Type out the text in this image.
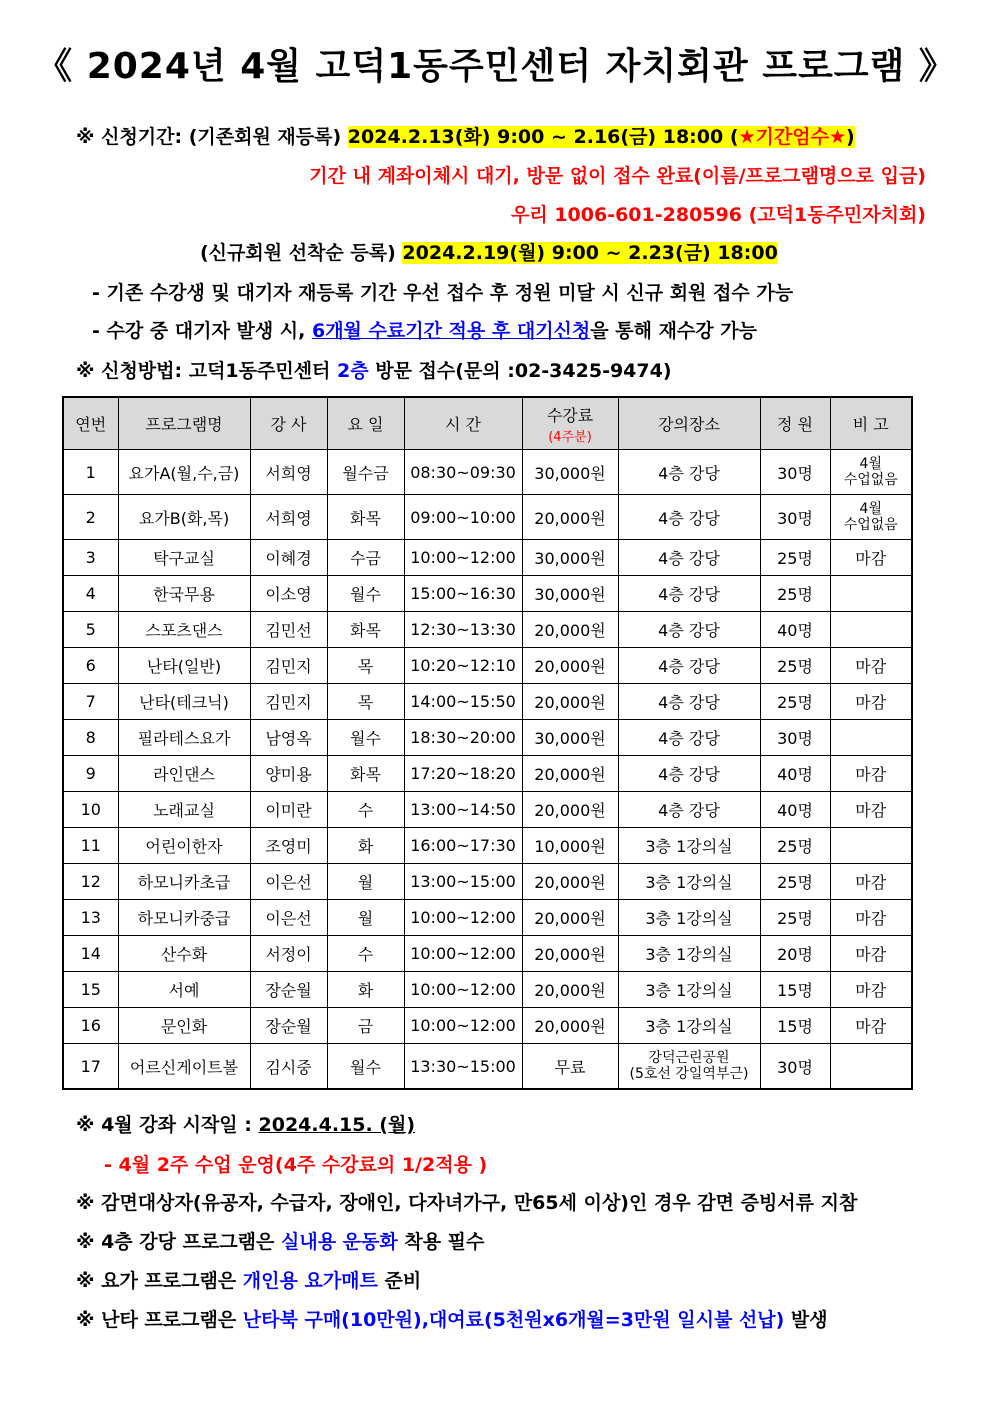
《 2024년 4월 고덕1동주민센터 자치회관 프로그램 》
※ 신청기간: (기존회원 재등록) 2024.2.13(화) 9:00 ~ 2.16(금) 18:00 (★기간엄수★)
기간 내 계좌이체시 대기, 방문 없이 접수 완료(이름/프로그램명으로 입금)
우리 1006-601-280596 (고덕1동주민자치회)
(신규회원 선착순 등록) 2024.2.19(월) 9:00 ~ 2.23(금) 18:00
- 기존 수강생 및 대기자 재등록 기간 우선 접수 후 정원 미달 시 신규 회원 접수 가능
- 수강 중 대기자 발생 시, 6개월 수료기간 적용 후 대기신청을 통해 재수강 가능
※ 신청방법: 고덕1동주민센터 2층 방문 접수(문의 :02-3425-9474)
연번	프로그램명	강 사	요 일	시 간	수강료
(4주분)	강의장소	정 원	비 고
1	요가A(월,수,금)	서희영	월수금	08:30~09:30	30,000원	4층 강당	30명	4월
수업없음
2	요가B(화,목)	서희영	화목	09:00~10:00	20,000원	4층 강당	30명	4월
수업없음
3	탁구교실	이혜경	수금	10:00~12:00	30,000원	4층 강당	25명	마감
4	한국무용	이소영	월수	15:00~16:30	30,000원	4층 강당	25명	
5	스포츠댄스	김민선	화목	12:30~13:30	20,000원	4층 강당	40명	
6	난타(일반)	김민지	목	10:20~12:10	20,000원	4층 강당	25명	마감
7	난타(테크닉)	김민지	목	14:00~15:50	20,000원	4층 강당	25명	마감
8	필라테스요가	남영옥	월수	18:30~20:00	30,000원	4층 강당	30명	
9	라인댄스	양미용	화목	17:20~18:20	20,000원	4층 강당	40명	마감
10	노래교실	이미란	수	13:00~14:50	20,000원	4층 강당	40명	마감
11	어린이한자	조영미	화	16:00~17:30	10,000원	3층 1강의실	25명	
12	하모니카초급	이은선	월	13:00~15:00	20,000원	3층 1강의실	25명	마감
13	하모니카중급	이은선	월	10:00~12:00	20,000원	3층 1강의실	25명	마감
14	산수화	서정이	수	10:00~12:00	20,000원	3층 1강의실	20명	마감
15	서예	장순월	화	10:00~12:00	20,000원	3층 1강의실	15명	마감
16	문인화	장순월	금	10:00~12:00	20,000원	3층 1강의실	15명	마감
17	어르신게이트볼	김시중	월수	13:30~15:00	무료	강덕근린공원
(5호선 강일역부근)	30명	
※ 4월 강좌 시작일 : 2024.4.15. (월)
- 4월 2주 수업 운영(4주 수강료의 1/2적용 )
※ 감면대상자(유공자, 수급자, 장애인, 다자녀가구, 만65세 이상)인 경우 감면 증빙서류 지참
※ 4층 강당 프로그램은 실내용 운동화 착용 필수
※ 요가 프로그램은 개인용 요가매트 준비
※ 난타 프로그램은 난타북 구매(10만원),대여료(5천원x6개월=3만원 일시불 선납) 발생
